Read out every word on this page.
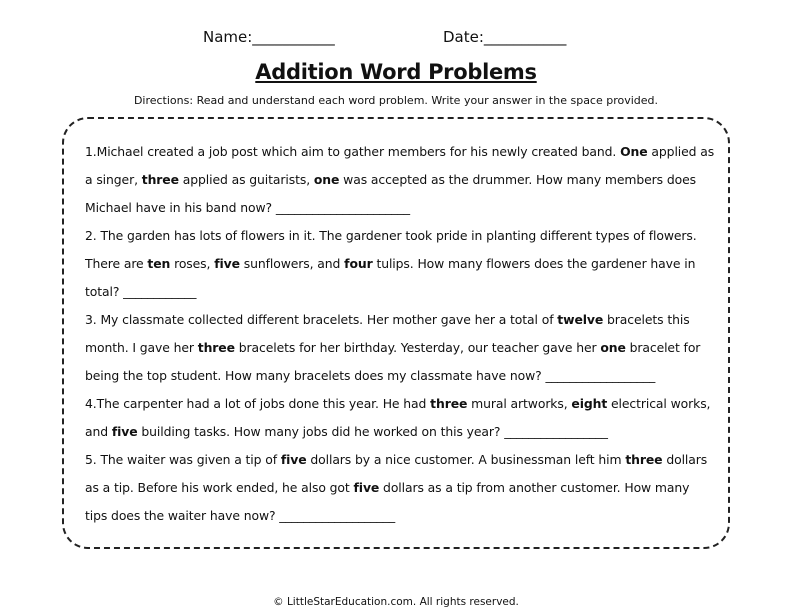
Name:___________	Date:___________
Addition Word Problems
Directions: Read and understand each word problem. Write your answer in the space provided.

1.Michael created a job post which aim to gather members for his newly created band. One applied as a singer, three applied as guitarists, one was accepted as the drummer. How many members does Michael have in his band now? ______________________

2. The garden has lots of flowers in it. The gardener took pride in planting different types of flowers. There are ten roses, five sunflowers, and four tulips. How many flowers does the gardener have in total? ____________

3. My classmate collected different bracelets. Her mother gave her a total of twelve bracelets this month. I gave her three bracelets for her birthday. Yesterday, our teacher gave her one bracelet for being the top student. How many bracelets does my classmate have now? __________________

4.The carpenter had a lot of jobs done this year. He had three mural artworks, eight electrical works, and five building tasks. How many jobs did he worked on this year? _________________

5. The waiter was given a tip of five dollars by a nice customer. A businessman left him three dollars as a tip. Before his work ended, he also got five dollars as a tip from another customer. How many tips does the waiter have now? ___________________

© LittleStarEducation.com. All rights reserved.
